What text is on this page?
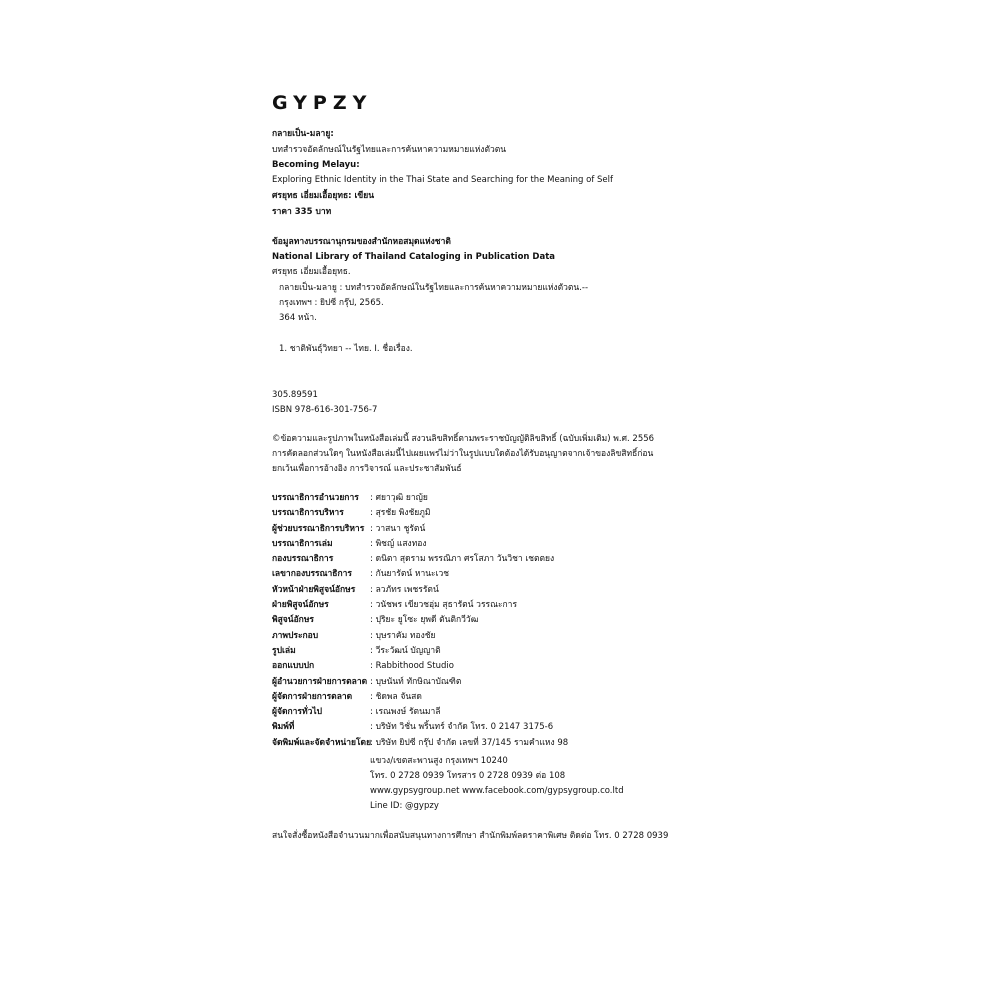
GYPZY
กลายเป็น-มลายู:
บทสำรวจอัตลักษณ์ในรัฐไทยและการค้นหาความหมายแห่งตัวตน
Becoming Melayu:
Exploring Ethnic Identity in the Thai State and Searching for the Meaning of Self
ศรยุทธ เอี่ยมเอื้อยุทธ: เขียน
ราคา 335 บาท
ข้อมูลทางบรรณานุกรมของสำนักหอสมุดแห่งชาติ
National Library of Thailand Cataloging in Publication Data
ศรยุทธ เอี่ยมเอื้อยุทธ.
กลายเป็น-มลายู : บทสำรวจอัตลักษณ์ในรัฐไทยและการค้นหาความหมายแห่งตัวตน.--
กรุงเทพฯ : ยิปซี กรุ๊ป, 2565.
364 หน้า.
1. ชาติพันธุ์วิทยา -- ไทย. I. ชื่อเรื่อง.
305.89591
ISBN 978-616-301-756-7
©ข้อความและรูปภาพในหนังสือเล่มนี้ สงวนลิขสิทธิ์ตามพระราชบัญญัติลิขสิทธิ์ (ฉบับเพิ่มเติม) พ.ศ. 2556
การคัดลอกส่วนใดๆ ในหนังสือเล่มนี้ไปเผยแพร่ไม่ว่าในรูปแบบใดต้องได้รับอนุญาตจากเจ้าของลิขสิทธิ์ก่อน
ยกเว้นเพื่อการอ้างอิง การวิจารณ์ และประชาสัมพันธ์
บรรณาธิการอำนวยการ : ศยาวุฒิ ยาญ้ย
บรรณาธิการบริหาร	: สุรชัย พิงชัยภูมิ
ผู้ช่วยบรรณาธิการบริหาร : วาสนา ชูรัตน์
บรรณาธิการเล่ม	: พิชญ์ แสงทอง
กองบรรณาธิการ	: ดนิตา สุดราม พรรณิภา ศรโสภา วันวิชา เชตตยง
เลขากองบรรณาธิการ : กันยารัตน์ หานะเวช
หัวหน้าฝ่ายพิสูจน์อักษร : ลวภัทร เพชรรัตน์
ฝ่ายพิสูจน์อักษร	: วนัชพร เขียวชอุ่ม สุธารัตน์ วรรณะการ
พิสูจน์อักษร	: ปุริยะ ยูโซะ ยุพดี ตันติกวีวัฒ
ภาพประกอบ	: บุษราคัม ทองชัย
รูปเล่ม	: วีระวัฒน์ บัญญาติ
ออกแบบปก	: Rabbithood Studio
ผู้อำนวยการฝ่ายการตลาด : บุษนันท์ ทักษิณาบัณฑิต
ผู้จัดการฝ่ายการตลาด : ชิดพล จันสด
ผู้จัดการทั่วไป	: เรณพงษ์ รัตนมาลี
พิมพ์ที่	: บริษัท วิชั่น พริ้นทร์ จำกัด โทร. 0 2147 3175-6
จัดพิมพ์และจัดจำหน่ายโดย
: บริษัท ยิปซี กรุ๊ป จำกัด เลขที่ 37/145 รามคำแหง 98
แขวง/เขตสะพานสูง กรุงเทพฯ 10240
โทร. 0 2728 0939 โทรสาร 0 2728 0939 ต่อ 108
www.gypsygroup.net www.facebook.com/gypsygroup.co.ltd
Line ID: @gypzy
สนใจสั่งซื้อหนังสือจำนวนมากเพื่อสนับสนุนทางการศึกษา สำนักพิมพ์ลดราคาพิเศษ ติดต่อ โทร. 0 2728 0939
